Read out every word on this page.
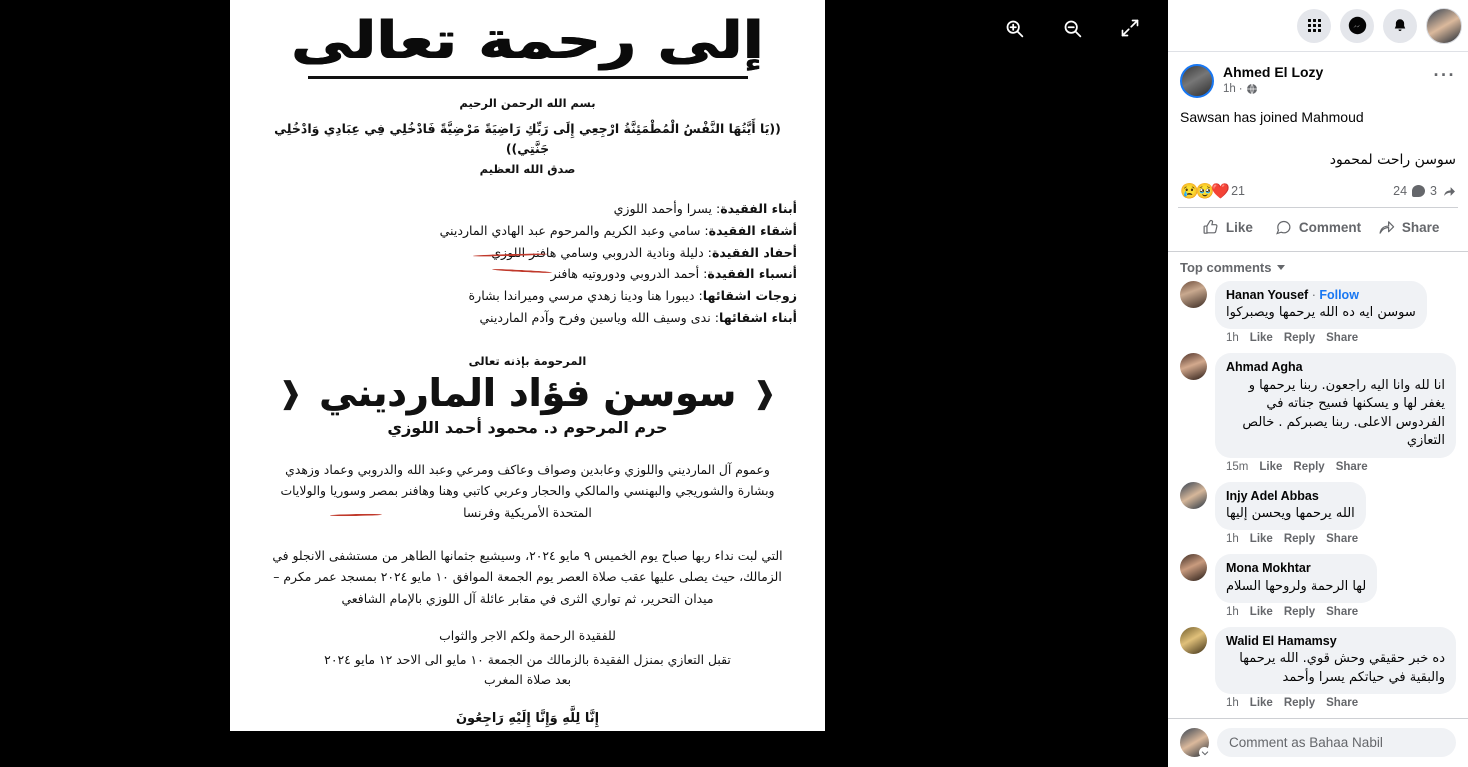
إلى رحمة تعالى
بسم الله الرحمن الرحيم
((يَا أَيَّتُهَا النَّفْسُ الْمُطْمَئِنَّةُ ارْجِعِي إِلَى رَبِّكِ رَاضِيَةً مَرْضِيَّةً فَادْخُلِي فِي عِبَادِي وَادْخُلِي جَنَّتِي))
صدق الله العظيم
أبناء الفقيدة: يسرا وأحمد اللوزي
أشقاء الفقيدة: سامي وعبد الكريم والمرحوم عبد الهادي المارديني
أحفاد الفقيدة: دليلة ونادية الدروبي وسامي هافنر اللوزي
أنسباء الفقيدة: أحمد الدروبي ودوروتيه هافنر
زوجات اشقائها: ديبورا هنا ودينا زهدي مرسي وميراندا بشارة
أبناء اشقائها: ندى وسيف الله وياسين وفرح وآدم المارديني
المرحومة بإذنه تعالى
❰
سوسن فؤاد المارديني
❰
حرم المرحوم د. محمود أحمد اللوزي
وعموم آل المارديني واللوزي وعابدين وصواف وعاكف ومرعي وعبد الله والدروبي وعماد وزهدي وبشارة والشوريجي والبهنسي والمالكي والحجار وعربي كاتبي وهنا وهافنر بمصر وسوريا والولايات المتحدة الأمريكية وفرنسا
التي لبت نداء ربها صباح يوم الخميس ٩ مايو ٢٠٢٤، وسيشيع جثمانها الطاهر من مستشفى الانجلو في الزمالك، حيث يصلى عليها عقب صلاة العصر يوم الجمعة الموافق ١٠ مايو ٢٠٢٤ بمسجد عمر مكرم – ميدان التحرير، ثم تواري الثرى في مقابر عائلة آل اللوزي بالإمام الشافعي
للفقيدة الرحمة ولكم الاجر والثواب
تقبل التعازي بمنزل الفقيدة بالزمالك من الجمعة ١٠ مايو الى الاحد ١٢ مايو ٢٠٢٤
بعد صلاة المغرب
إِنَّا لِلَّهِ وَإِنَّا إِلَيْهِ رَاجِعُونَ
Ahmed El Lozy
1h ·
···
Sawsan has joined Mahmoud
سوسن راحت لمحمود
😢
🥹
❤️ 21	24 3
Like	Comment	Share
Top comments
Hanan Yousef · Follow
سوسن ايه ده الله يرحمها ويصبركوا
1h Like Reply Share
Ahmad Agha
انا لله وانا اليه راجعون. ربنا يرحمها و يغفر لها و يسكنها فسيح جناته في الفردوس الاعلى. ربنا يصبركم . خالص التعازي
15m Like Reply Share
Injy Adel Abbas
الله يرحمها ويحسن إليها
1h Like Reply Share
Mona Mokhtar
لها الرحمة ولروحها السلام
1h Like Reply Share
Walid El Hamamsy
ده خبر حقيقي وحش قوي. الله يرحمها والبقية في حياتكم يسرا وأحمد
1h Like Reply Share
Comment as Bahaa Nabil
